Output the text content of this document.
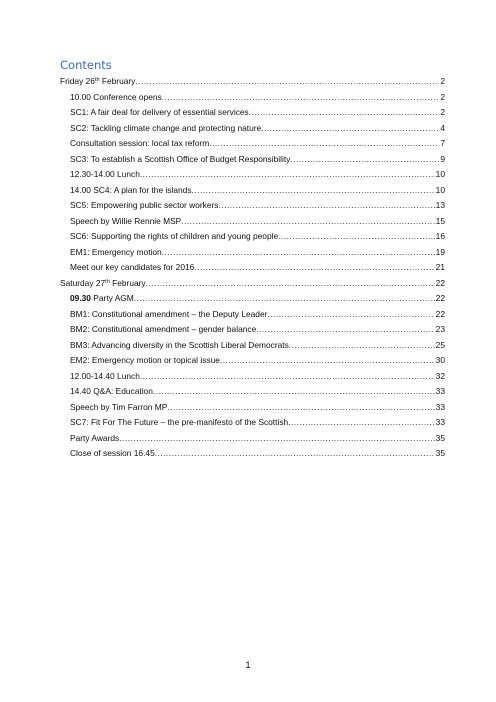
Contents
Friday 26th February .....	2
10.00 Conference opens .....	2
SC1: A fair deal for delivery of essential services .....	2
SC2: Tackling climate change and protecting nature .....	4
Consultation session: local tax reform .....	7
SC3: To establish a Scottish Office of Budget Responsibility .....	9
12.30-14.00 Lunch .....	10
14.00 SC4: A plan for the islands .....	10
SC5: Empowering public sector workers .....	13
Speech by Willie Rennie MSP .....	15
SC6: Supporting the rights of children and young people .....	16
EM1: Emergency motion .....	19
Meet our key candidates for 2016 .....	21
Saturday 27th February .....	22
09.30 Party AGM .....	22
BM1: Constitutional amendment – the Deputy Leader .....	22
BM2: Constitutional amendment – gender balance .....	23
BM3: Advancing diversity in the Scottish Liberal Democrats .....	25
EM2: Emergency motion or topical issue .....	30
12.00-14.40 Lunch .....	32
14.40 Q&A: Education .....	33
Speech by Tim Farron MP .....	33
SC7: Fit For The Future – the pre-manifesto of the Scottish .....	33
Party Awards .....	35
Close of session 16.45 .....	35
1
